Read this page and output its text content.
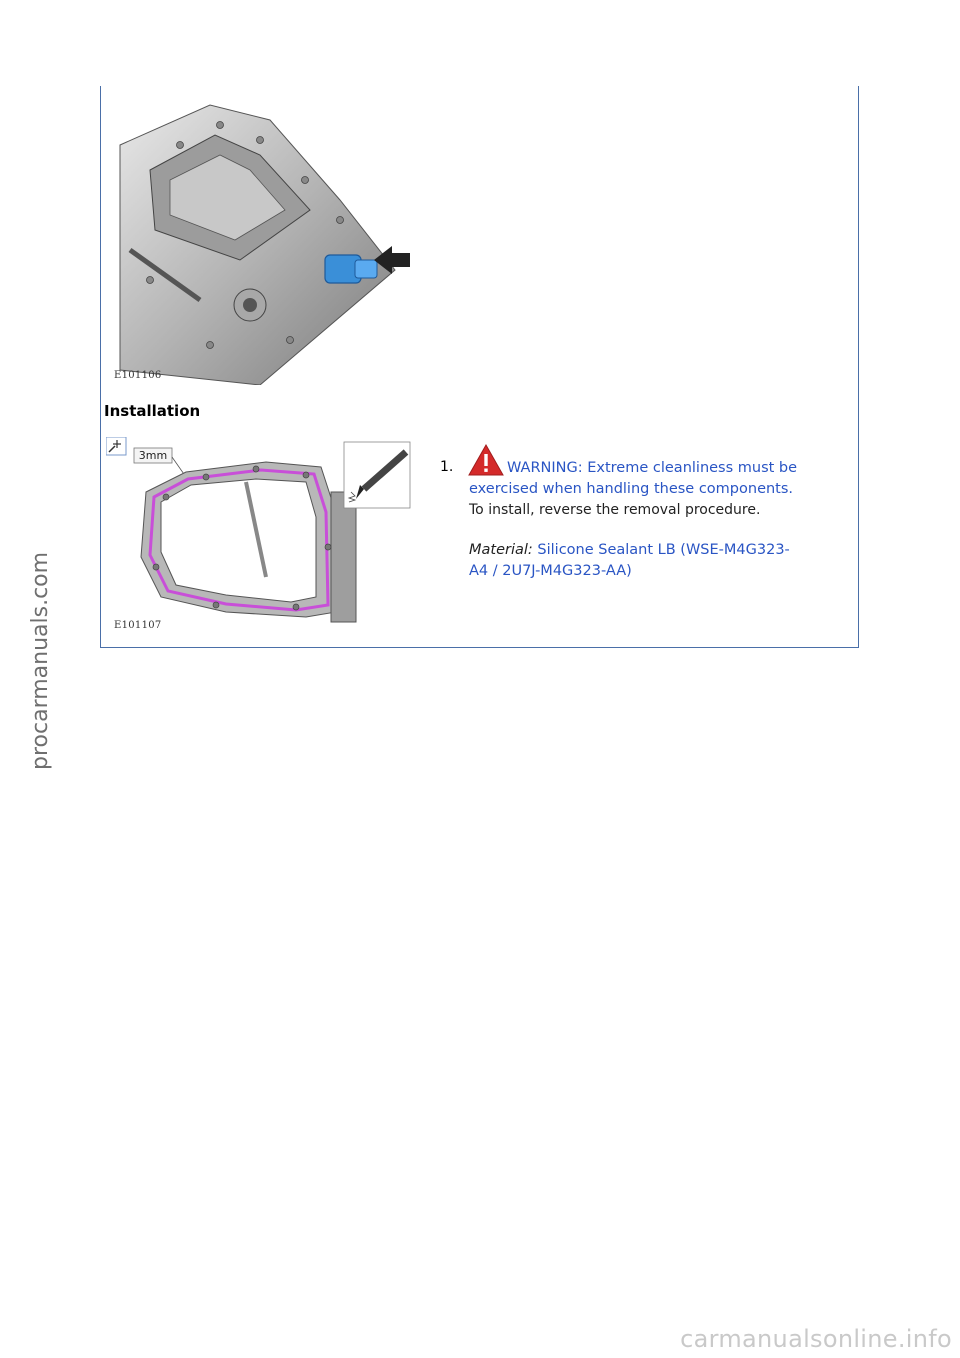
E101106
Installation
3mm
E101107
1.	WARNING: Extreme cleanliness must be
exercised when handling these components.
To install, reverse the removal procedure.
Material: Silicone Sealant LB (WSE-M4G323-
A4 / 2U7J-M4G323-AA)
procarmanuals.com
carmanualsonline.info
